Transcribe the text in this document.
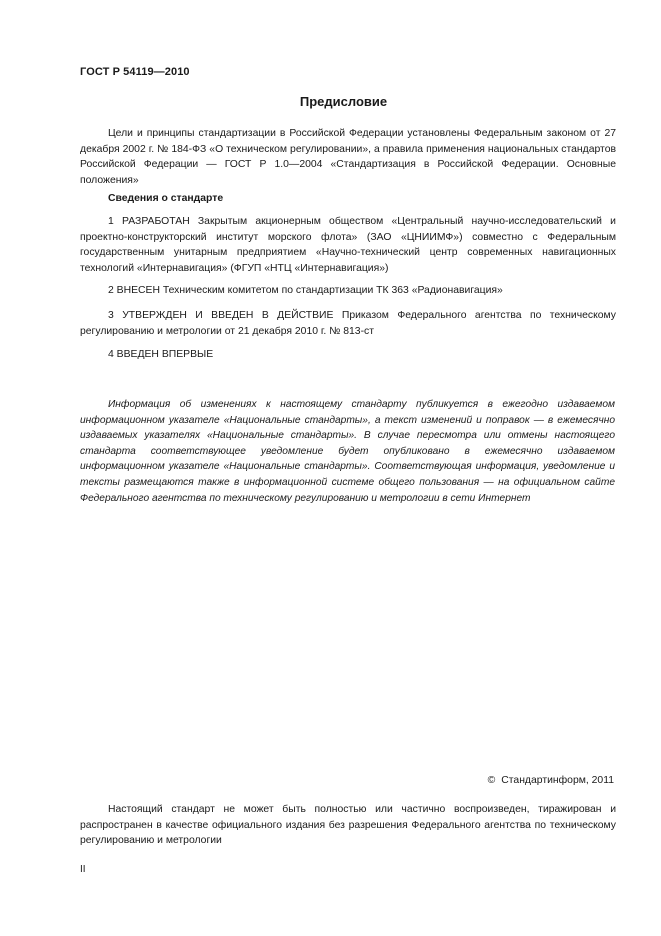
ГОСТ Р 54119—2010
Предисловие

Цели и принципы стандартизации в Российской Федерации установлены Федеральным законом от 27 декабря 2002 г. № 184-ФЗ «О техническом регулировании», а правила применения национальных стандартов Российской Федерации — ГОСТ Р 1.0—2004 «Стандартизация в Российской Федерации. Основные положения»

Сведения о стандарте

1 РАЗРАБОТАН Закрытым акционерным обществом «Центральный научно-исследовательский и проектно-конструкторский институт морского флота» (ЗАО «ЦНИИМФ») совместно с Федеральным государственным унитарным предприятием «Научно-технический центр современных навигационных технологий «Интернавигация» (ФГУП «НТЦ «Интернавигация»)

2 ВНЕСЕН Техническим комитетом по стандартизации ТК 363 «Радионавигация»

3 УТВЕРЖДЕН И ВВЕДЕН В ДЕЙСТВИЕ Приказом Федерального агентства по техническому регулированию и метрологии от 21 декабря 2010 г. № 813-ст

4 ВВЕДЕН ВПЕРВЫЕ

Информация об изменениях к настоящему стандарту публикуется в ежегодно издаваемом информационном указателе «Национальные стандарты», а текст изменений и поправок — в ежемесячно издаваемых указателях «Национальные стандарты». В случае пересмотра или отмены настоящего стандарта соответствующее уведомление будет опубликовано в ежемесячно издаваемом информационном указателе «Национальные стандарты». Соответствующая информация, уведомление и тексты размещаются также в информационной системе общего пользования — на официальном сайте Федерального агентства по техническому регулированию и метрологии в сети Интернет

© Стандартинформ, 2011

Настоящий стандарт не может быть полностью или частично воспроизведен, тиражирован и распространен в качестве официального издания без разрешения Федерального агентства по техническому регулированию и метрологии

II
